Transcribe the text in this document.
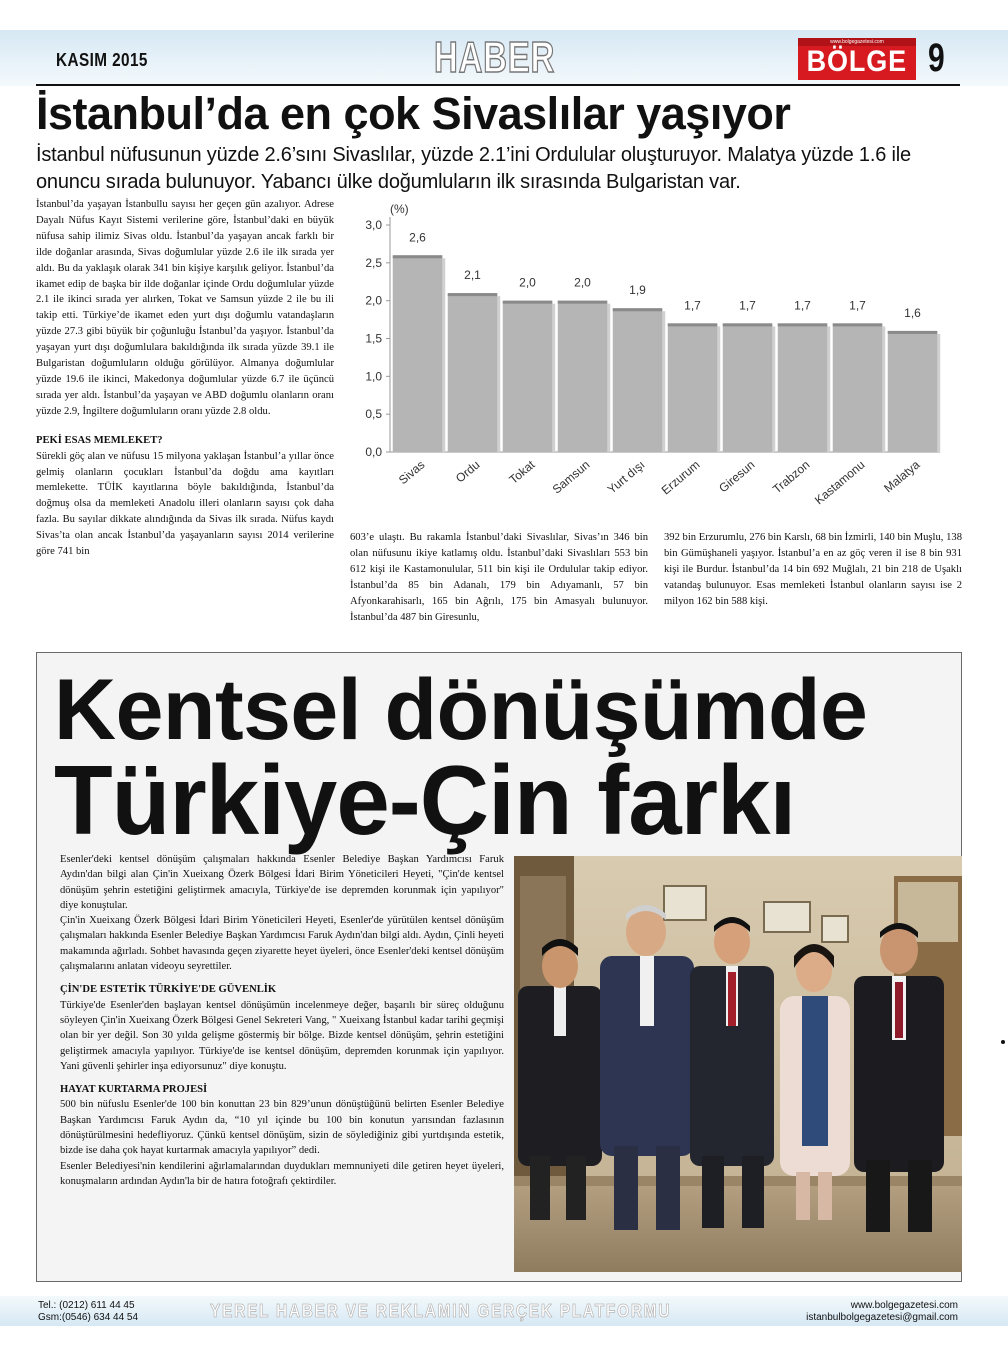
KASIM 2015	HABER	www.bolgegazetesi.com
BÖLGE 9
İstanbul’da en çok Sivaslılar yaşıyor
İstanbul nüfusunun yüzde 2.6’sını Sivaslılar, yüzde 2.1’ini Ordulular oluşturuyor. Malatya yüzde 1.6 ile onuncu sırada bulunuyor. Yabancı ülke doğumluların ilk sırasında Bulgaristan var.

İstanbul’da yaşayan İstanbullu sayısı her geçen gün azalıyor. Adrese Dayalı Nüfus Kayıt Sistemi verilerine göre, İstanbul’daki en büyük nüfusa sahip ilimiz Sivas oldu. İstanbul’da yaşayan ancak farklı bir ilde doğanlar arasında, Sivas doğumlular yüzde 2.6 ile ilk sırada yer aldı. Bu da yaklaşık olarak 341 bin kişiye karşılık geliyor. İstanbul’da ikamet edip de başka bir ilde doğanlar içinde Ordu doğumlular yüzde 2.1 ile ikinci sırada yer alırken, Tokat ve Samsun yüzde 2 ile bu ili takip etti. Türkiye’de ikamet eden yurt dışı doğumlu vatandaşların yüzde 27.3 gibi büyük bir çoğunluğu İstanbul’da yaşıyor. İstanbul’da yaşayan yurt dışı doğumlulara bakıldığında ilk sırada yüzde 39.1 ile Bulgaristan doğumluların olduğu görülüyor. Almanya doğumlular yüzde 19.6 ile ikinci, Makedonya doğumlular yüzde 6.7 ile üçüncü sırada yer aldı. İstanbul’da yaşayan ve ABD doğumlu olanların oranı yüzde 2.9, İngiltere doğumluların oranı yüzde 2.8 oldu.

PEKİ ESAS MEMLEKET?

Sürekli göç alan ve nüfusu 15 milyona yaklaşan İstanbul’a yıllar önce gelmiş olanların çocukları İstanbul’da doğdu ama kayıtları memlekette. TÜİK kayıtlarına böyle bakıldığında, İstanbul’da doğmuş olsa da memleketi Anadolu illeri olanların sayısı çok daha fazla. Bu sayılar dikkate alındığında da Sivas ilk sırada. Nüfus kaydı Sivas’ta olan ancak İstanbul’da yaşayanların sayısı 2014 verilerine göre 741 bin

(%)
0,0
0,5
1,0
1,5
2,0
2,5
3,0
2,6
Sivas
2,1
Ordu
2,0
Tokat
2,0
Samsun
1,9
Yurt dışı
1,7
Erzurum
1,7
Giresun
1,7
Trabzon
1,7
Kastamonu
1,6
Malatya

603’e ulaştı. Bu rakamla İstanbul’daki Sivaslılar, Sivas’ın 346 bin olan nüfusunu ikiye katlamış oldu. İstanbul’daki Sivaslıları 553 bin 612 kişi ile Kastamonulular, 511 bin kişi ile Ordulular takip ediyor. İstanbul’da 85 bin Adanalı, 179 bin Adıyamanlı, 57 bin Afyonkarahisarlı, 165 bin Ağrılı, 175 bin Amasyalı bulunuyor. İstanbul’da 487 bin Giresunlu,

392 bin Erzurumlu, 276 bin Karslı, 68 bin İzmirli, 140 bin Muşlu, 138 bin Gümüşhaneli yaşıyor. İstanbul’a en az göç veren il ise 8 bin 931 kişi ile Burdur. İstanbul’da 14 bin 692 Muğlalı, 21 bin 218 de Uşaklı vatandaş bulunuyor. Esas memleketi İstanbul olanların sayısı ise 2 milyon 162 bin 588 kişi.

Kentsel dönüşümde
Türkiye-Çin farkı

Esenler'deki kentsel dönüşüm çalışmaları hakkında Esenler Belediye Başkan Yardımcısı Faruk Aydın'dan bilgi alan Çin'in Xueixang Özerk Bölgesi İdari Birim Yöneticileri Heyeti, "Çin'de kentsel dönüşüm şehrin estetiğini geliştirmek amacıyla, Türkiye'de ise depremden korunmak için yapılıyor" diye konuştular.

Çin'in Xueixang Özerk Bölgesi İdari Birim Yöneticileri Heyeti, Esenler'de yürütülen kentsel dönüşüm çalışmaları hakkında Esenler Belediye Başkan Yardımcısı Faruk Aydın'dan bilgi aldı. Aydın, Çinli heyeti makamında ağırladı. Sohbet havasında geçen ziyarette heyet üyeleri, önce Esenler'deki kentsel dönüşüm çalışmalarını anlatan videoyu seyrettiler.

ÇİN'DE ESTETİK TÜRKİYE'DE GÜVENLİK

Türkiye'de Esenler'den başlayan kentsel dönüşümün incelenmeye değer, başarılı bir süreç olduğunu söyleyen Çin'in Xueixang Özerk Bölgesi Genel Sekreteri Vang, " Xueixang İstanbul kadar tarihi geçmişi olan bir yer değil. Son 30 yılda gelişme göstermiş bir bölge. Bizde kentsel dönüşüm, şehrin estetiğini geliştirmek amacıyla yapılıyor. Türkiye'de ise kentsel dönüşüm, depremden korunmak için yapılıyor. Yani güvenli şehirler inşa ediyorsunuz" diye konuştu.

HAYAT KURTARMA PROJESİ

500 bin nüfuslu Esenler'de 100 bin konuttan 23 bin 829’unun dönüştüğünü belirten Esenler Belediye Başkan Yardımcısı Faruk Aydın da, “10 yıl içinde bu 100 bin konutun yarısından fazlasının dönüştürülmesini hedefliyoruz. Çünkü kentsel dönüşüm, sizin de söylediğiniz gibi yurtdışında estetik, bizde ise daha çok hayat kurtarmak amacıyla yapılıyor” dedi.

Esenler Belediyesi'nin kendilerini ağırlamalarından duydukları memnuniyeti dile getiren heyet üyeleri, konuşmaların ardından Aydın'la bir de hatıra fotoğrafı çektirdiler.

Tel.: (0212) 611 44 45
Gsm:(0546) 634 44 54	YEREL HABER VE REKLAMIN GERÇEK PLATFORMU	www.bolgegazetesi.com
istanbulbolgegazetesi@gmail.com
